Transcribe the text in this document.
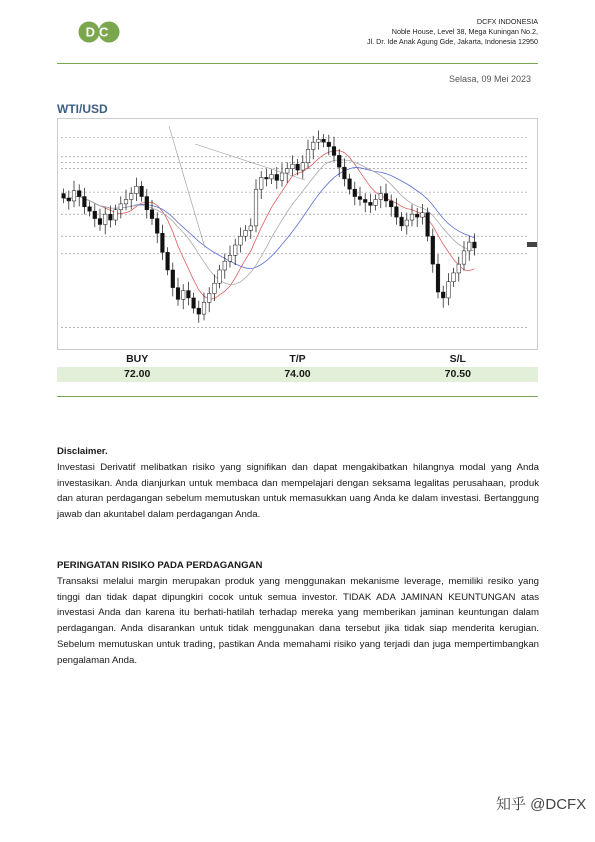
DC
DCFX INDONESIA
Noble House, Level 38, Mega Kuningan No.2,
Jl. Dr. Ide Anak Agung Gde, Jakarta, Indonesia 12950
Selasa, 09 Mei 2023
WTI/USD
BUY	T/P	S/L
72.00	74.00	70.50
Disclaimer.

Investasi Derivatif melibatkan risiko yang signifikan dan dapat mengakibatkan hilangnya modal yang Anda investasikan. Anda dianjurkan untuk membaca dan mempelajari dengan seksama legalitas perusahaan, produk dan aturan perdagangan sebelum memutuskan untuk memasukkan uang Anda ke dalam investasi. Bertanggung jawab dan akuntabel dalam perdagangan Anda.

PERINGATAN RISIKO PADA PERDAGANGAN

Transaksi melalui margin merupakan produk yang menggunakan mekanisme leverage, memiliki resiko yang tinggi dan tidak dapat dipungkiri cocok untuk semua investor. TIDAK ADA JAMINAN KEUNTUNGAN atas investasi Anda dan karena itu berhati-hatilah terhadap mereka yang memberikan jaminan keuntungan dalam perdagangan. Anda disarankan untuk tidak menggunakan dana tersebut jika tidak siap menderita kerugian. Sebelum memutuskan untuk trading, pastikan Anda memahami risiko yang terjadi dan juga mempertimbangkan pengalaman Anda.

知乎 @DCFX
